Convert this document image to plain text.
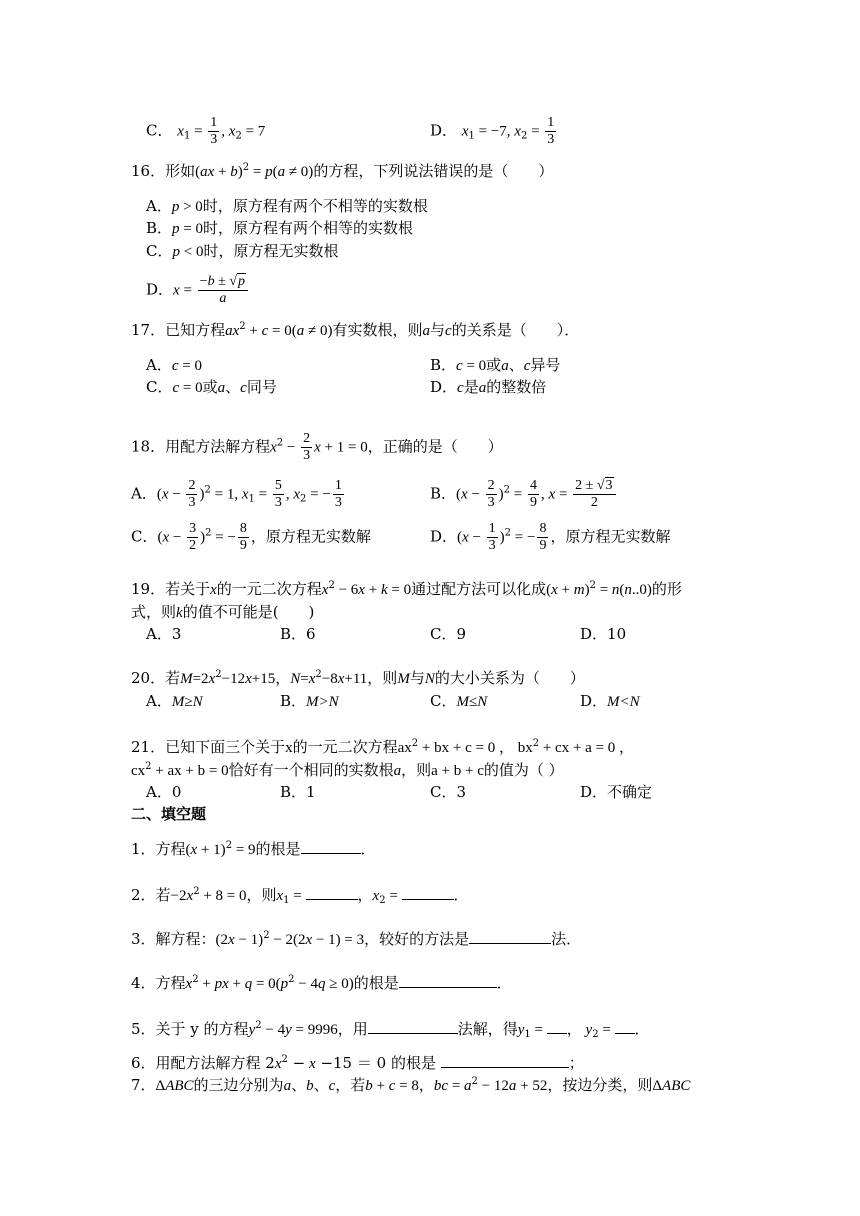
C． $x_1 = \frac{1}{3}$ , $x_2 = 7$	D． $x_1 = -7$, $x_2 = \frac{1}{3}$
16．形如(ax + b)$^2$ = p(a ≠ 0)的方程，下列说法错误的是（　　）
A．p > 0时，原方程有两个不相等的实数根
B．p = 0时，原方程有两个相等的实数根
C．p < 0时，原方程无实数根
D．$x = \frac{-b \pm √p}{a}$
17．已知方程$ax^2 + c = 0(a \ne 0)$有实数根，则a与c的关系是（　　）．
A．c = 0	B．c = 0或a、c异号
C．c = 0或a、c同号	D．c是a的整数倍
18．用配方法解方程$x^2 - \frac{2}{3}$ x + 1 = 0，正确的是（　　）
A．$(x - \frac{2}{3} )^2 = 1$, $x_1 = \frac{5}{3}$ , $x_2$ = − $\frac{1}{3}$	B．$(x - \frac{2}{3} )^2 = \frac{4}{9}$ , $x = \frac{2 \pm √3}{2}$
C．$(x - \frac{3}{2} )^2$ = − $\frac{8}{9}$ ，原方程无实数解	D．$(x - \frac{1}{3} )^2$ = − $\frac{8}{9}$ ，原方程无实数解
19．若关于x的一元二次方程$x^2 - 6x + k = 0$通过配方法可以化成$(x + m)^2 = n(n..0)$的形
式，则k的值不可能是(　　)
A．3	B．6	C．9	D．10
20．若$M=2x^2-12x+15$，$N=x^2-8x+11$，则M与N的大小关系为（　　）
A．M≥N	B．M>N	C．M≤N	D．M<N
21．已知下面三个关于x的一元二次方程$ax^2$ + bx + c = 0 ， $bx^2$ + cx + a = 0 ，
$cx^2$ + ax + b = 0恰好有一个相同的实数根a，则a + b + c的值为（ ）
A．0	B．1	C．3	D．不确定
二、填空题
1．方程$(x + 1)^2 = 9$的根是	．
2．若$-2x^2 + 8 = 0$，则$x_1$ =	，$x_2$ =	．
3．解方程：$(2x - 1)^2 - 2(2x - 1) = 3$，较好的方法是	法．
4．方程$x^2$ + px + $q = 0(p^2 - 4q \ge 0)$的根是	．
5．关于 y 的方程$y^2 - 4y = 9996$，用	法解，得$y_1$ = ， $y_2$ = ．
6．用配方法解方程 $2x^2 - x -15 = 0$ 的根是	；
7．ΔABC的三边分别为a、b、c，若b + c = 8，bc = $a^2 - 12a + 52$，按边分类，则ΔABC
